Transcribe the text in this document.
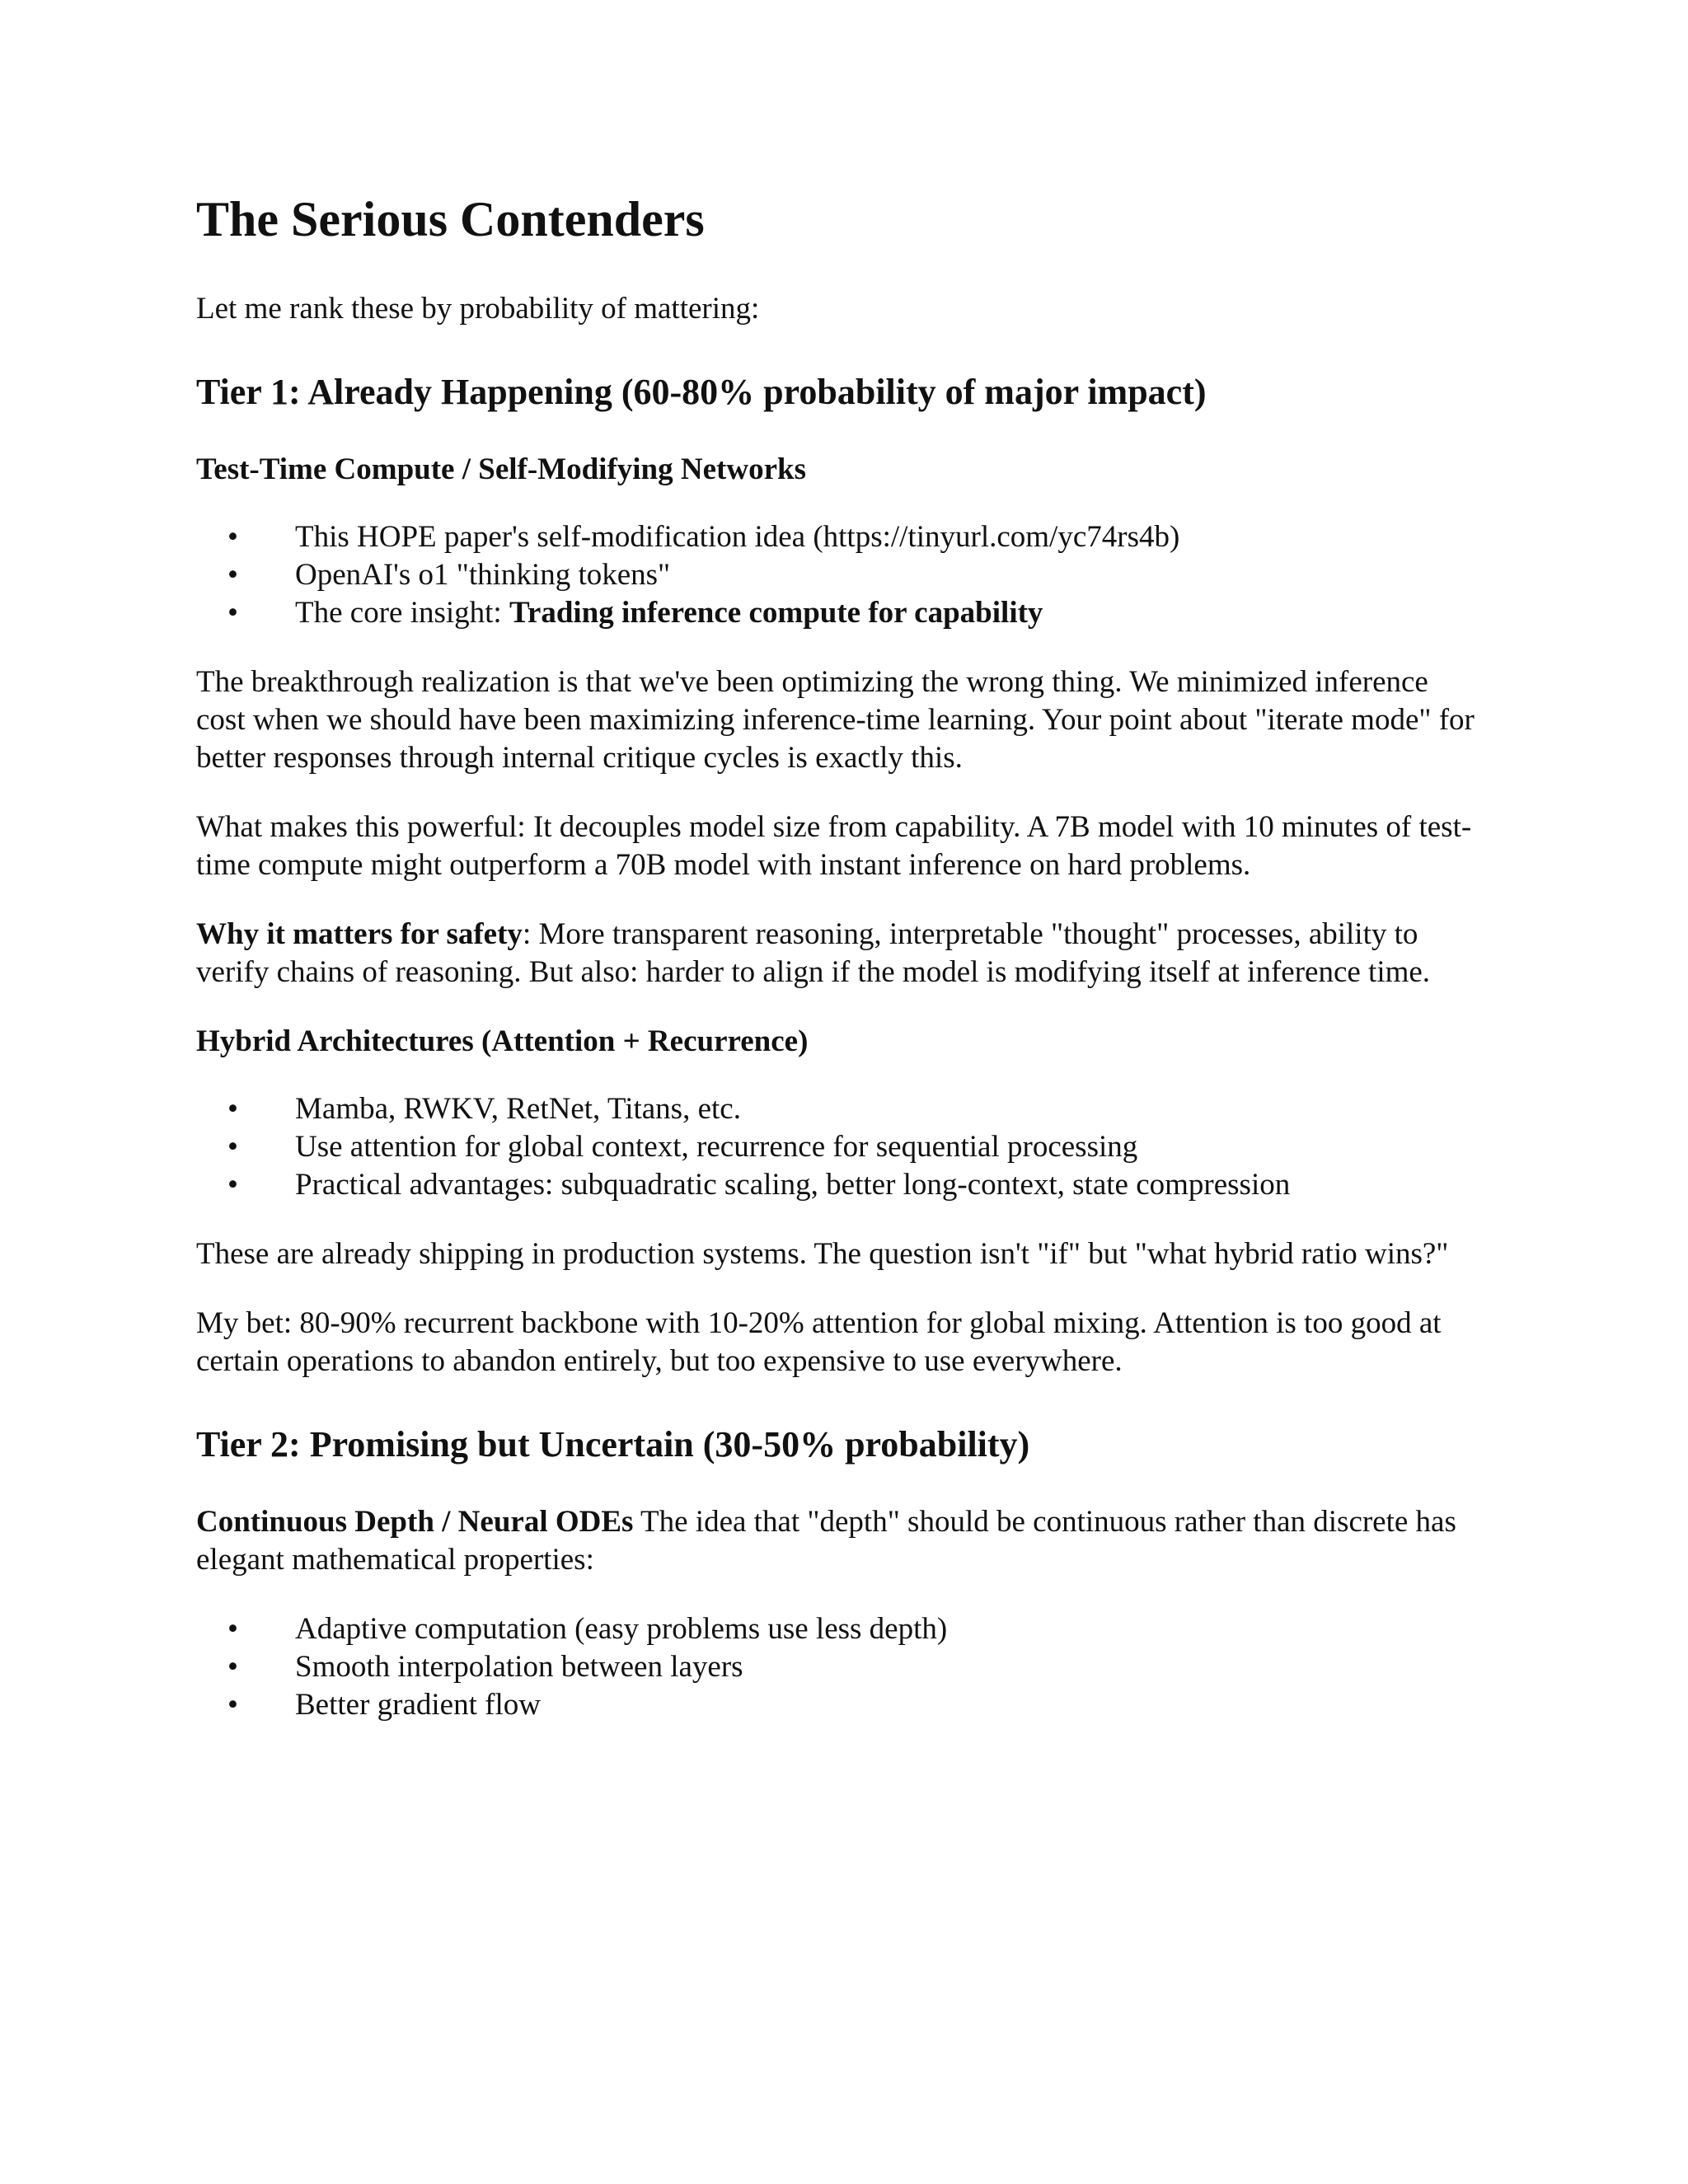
The Serious Contenders

Let me rank these by probability of mattering:

Tier 1: Already Happening (60-80% probability of major impact)
Test-Time Compute / Self-Modifying Networks
• This HOPE paper's self-modification idea (https://tinyurl.com/yc74rs4b)
• OpenAI's o1 "thinking tokens"
• The core insight: Trading inference compute for capability

The breakthrough realization is that we've been optimizing the wrong thing. We minimized inference cost when we should have been maximizing inference-time learning. Your point about "iterate mode" for better responses through internal critique cycles is exactly this.

What makes this powerful: It decouples model size from capability. A 7B model with 10 minutes of test-time compute might outperform a 70B model with instant inference on hard problems.

Why it matters for safety: More transparent reasoning, interpretable "thought" processes, ability to verify chains of reasoning. But also: harder to align if the model is modifying itself at inference time.

Hybrid Architectures (Attention + Recurrence)
• Mamba, RWKV, RetNet, Titans, etc.
• Use attention for global context, recurrence for sequential processing
• Practical advantages: subquadratic scaling, better long-context, state compression

These are already shipping in production systems. The question isn't "if" but "what hybrid ratio wins?"

My bet: 80-90% recurrent backbone with 10-20% attention for global mixing. Attention is too good at certain operations to abandon entirely, but too expensive to use everywhere.

Tier 2: Promising but Uncertain (30-50% probability)

Continuous Depth / Neural ODEs The idea that "depth" should be continuous rather than discrete has elegant mathematical properties:

• Adaptive computation (easy problems use less depth)
• Smooth interpolation between layers
• Better gradient flow
